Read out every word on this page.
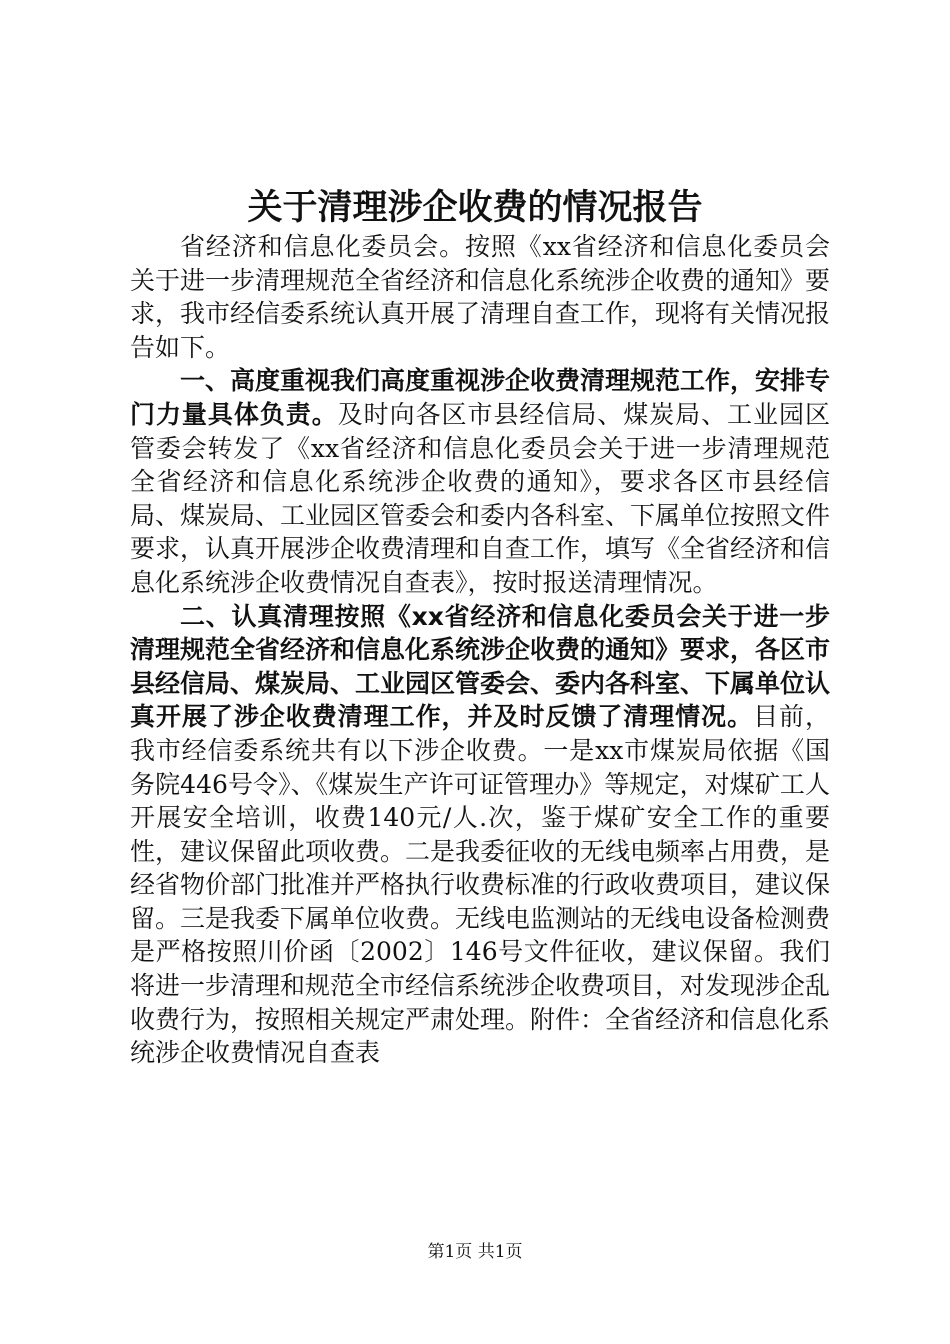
关于清理涉企收费的情况报告

省经济和信息化委员会。按照《xx省经济和信息化委员会关于进一步清理规范全省经济和信息化系统涉企收费的通知》要求，我市经信委系统认真开展了清理自查工作，现将有关情况报告如下。

一、高度重视我们高度重视涉企收费清理规范工作，安排专门力量具体负责。及时向各区市县经信局、煤炭局、工业园区管委会转发了《xx省经济和信息化委员会关于进一步清理规范全省经济和信息化系统涉企收费的通知》，要求各区市县经信局、煤炭局、工业园区管委会和委内各科室、下属单位按照文件要求，认真开展涉企收费清理和自查工作，填写《全省经济和信息化系统涉企收费情况自查表》，按时报送清理情况。

二、认真清理按照《xx省经济和信息化委员会关于进一步清理规范全省经济和信息化系统涉企收费的通知》要求，各区市县经信局、煤炭局、工业园区管委会、委内各科室、下属单位认真开展了涉企收费清理工作，并及时反馈了清理情况。目前，我市经信委系统共有以下涉企收费。一是xx市煤炭局依据《国务院446号令》、《煤炭生产许可证管理办》等规定，对煤矿工人开展安全培训，收费140元/人.次，鉴于煤矿安全工作的重要性，建议保留此项收费。二是我委征收的无线电频率占用费，是经省物价部门批准并严格执行收费标准的行政收费项目，建议保留。三是我委下属单位收费。无线电监测站的无线电设备检测费是严格按照川价函〔2002〕146号文件征收，建议保留。我们将进一步清理和规范全市经信系统涉企收费项目，对发现涉企乱收费行为，按照相关规定严肃处理。附件：全省经济和信息化系统涉企收费情况自查表

第1页 共1页
